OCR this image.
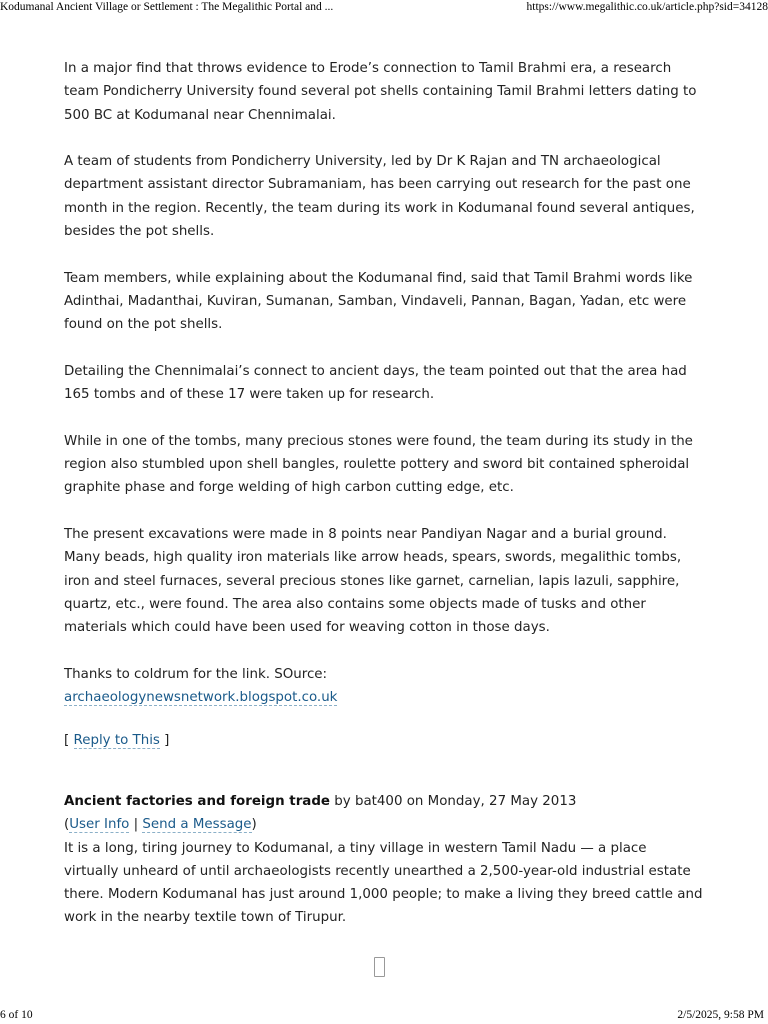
Kodumanal Ancient Village or Settlement : The Megalithic Portal and ...	https://www.megalithic.co.uk/article.php?sid=34128

In a major find that throws evidence to Erode’s connection to Tamil Brahmi era, a research team Pondicherry University found several pot shells containing Tamil Brahmi letters dating to 500 BC at Kodumanal near Chennimalai.

A team of students from Pondicherry University, led by Dr K Rajan and TN archaeological department assistant director Subramaniam, has been carrying out research for the past one month in the region. Recently, the team during its work in Kodumanal found several antiques, besides the pot shells.

Team members, while explaining about the Kodumanal find, said that Tamil Brahmi words like Adinthai, Madanthai, Kuviran, Sumanan, Samban, Vindaveli, Pannan, Bagan, Yadan, etc were found on the pot shells.

Detailing the Chennimalai’s connect to ancient days, the team pointed out that the area had 165 tombs and of these 17 were taken up for research.

While in one of the tombs, many precious stones were found, the team during its study in the region also stumbled upon shell bangles, roulette pottery and sword bit contained spheroidal graphite phase and forge welding of high carbon cutting edge, etc.

The present excavations were made in 8 points near Pandiyan Nagar and a burial ground. Many beads, high quality iron materials like arrow heads, spears, swords, megalithic tombs, iron and steel furnaces, several precious stones like garnet, carnelian, lapis lazuli, sapphire, quartz, etc., were found. The area also contains some objects made of tusks and other materials which could have been used for weaving cotton in those days.

Thanks to coldrum for the link. SOurce:
archaeologynewsnetwork.blogspot.co.uk

[ Reply to This ]
Ancient factories and foreign trade by bat400 on Monday, 27 May 2013
(User Info | Send a Message)

It is a long, tiring journey to Kodumanal, a tiny village in western Tamil Nadu — a place virtually unheard of until archaeologists recently unearthed a 2,500-year-old industrial estate there. Modern Kodumanal has just around 1,000 people; to make a living they breed cattle and work in the nearby textile town of Tirupur.

6 of 10	2/5/2025, 9:58 PM
